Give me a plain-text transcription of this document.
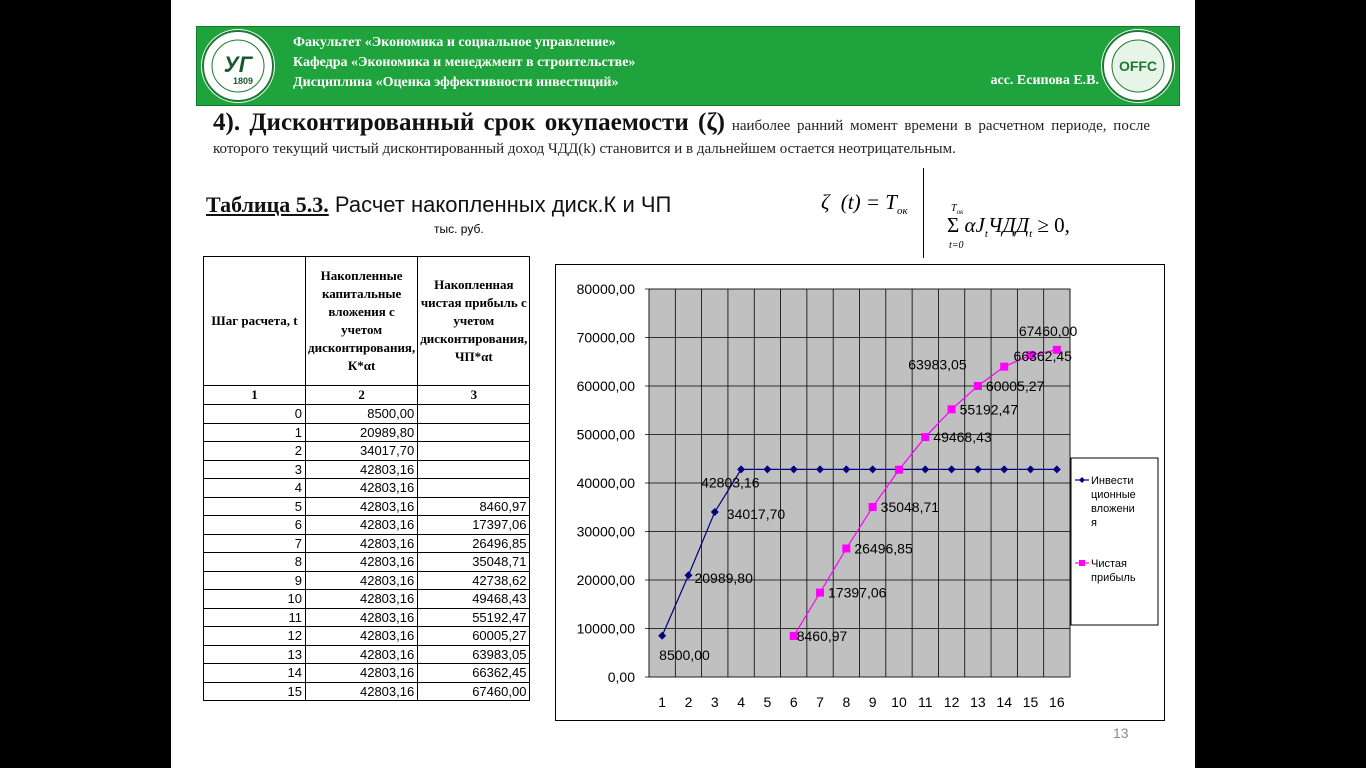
УГ
1809
Факультет «Экономика и социальное управление»
Кафедра «Экономика и менеджмент в строительстве»
Дисциплина «Оценка эффективности инвестиций»	асс. Есипова Е.В.
OFFC
4). Дисконтированный срок окупаемости (ζ) наиболее ранний момент времени в расчетном периоде, после которого текущий чистый дисконтированный доход ЧДД(k) становится и в дальнейшем остается неотрицательным.
Таблица 5.3. Расчет накопленных диск.К и ЧП
тыс. руб.
ζ $(t) = T_{ок}$	$T_{ок}$
Σ $\alpha J_tЧДД_t \ge 0$,
t=0
Шаг расчета, t	Накопленные капитальные вложения с учетом дисконтирования, К*αt	Накопленная чистая прибыль с учетом дисконтирования, ЧП*αt
1	2	3
0	8500,00	
1	20989,80	
2	34017,70	
3	42803,16	
4	42803,16	
5	42803,16	8460,97
6	42803,16	17397,06
7	42803,16	26496,85
8	42803,16	35048,71
9	42803,16	42738,62
10	42803,16	49468,43
11	42803,16	55192,47
12	42803,16	60005,27
13	42803,16	63983,05
14	42803,16	66362,45
15	42803,16	67460,00
0,00
10000,00
20000,00
30000,00
40000,00
50000,00
60000,00
70000,00
80000,00
1 2 3 4 5 6 7 8 9 10 11 12 13 14 15 16
8500,00
20989,80
34017,70
42803,16
8460,97
17397,06
26496,85
35048,71
49468,43
55192,47
60005,27
63983,05
66362,45
67460,00
Инвести
ционные
вложени
я
Чистая
прибыль
13
